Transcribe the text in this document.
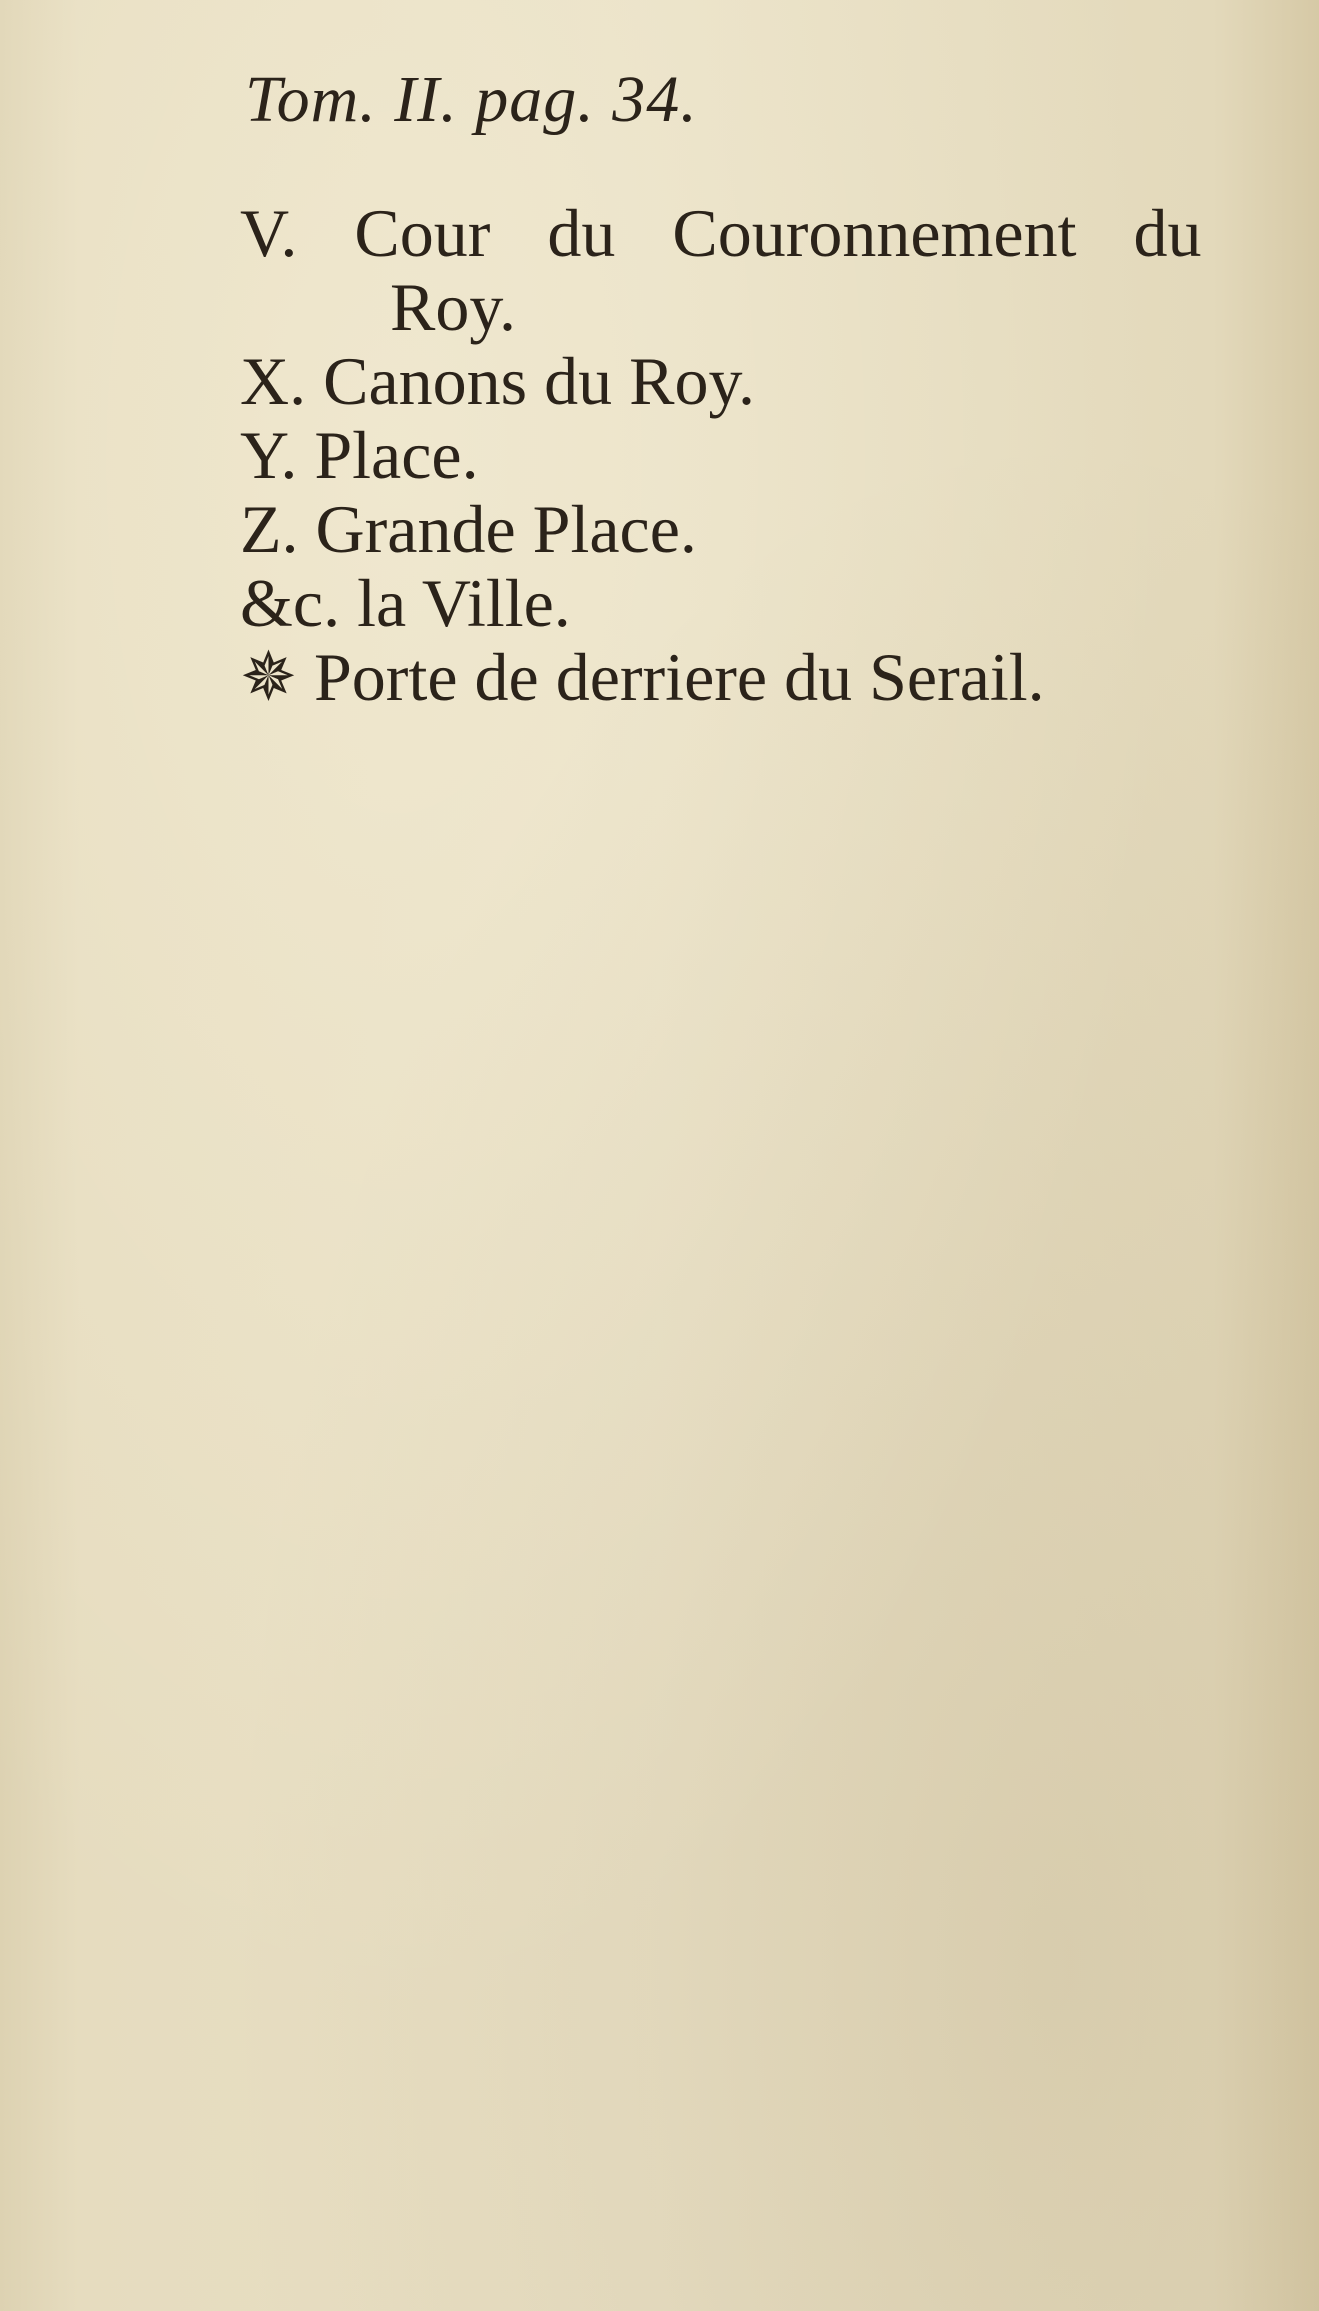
Tom. II. pag. 34.
V. Cour du Couronnement du
Roy.
X. Canons du Roy.
Y. Place.
Z. Grande Place.
&c. la Ville.
✵ Porte de derriere du Serail.
